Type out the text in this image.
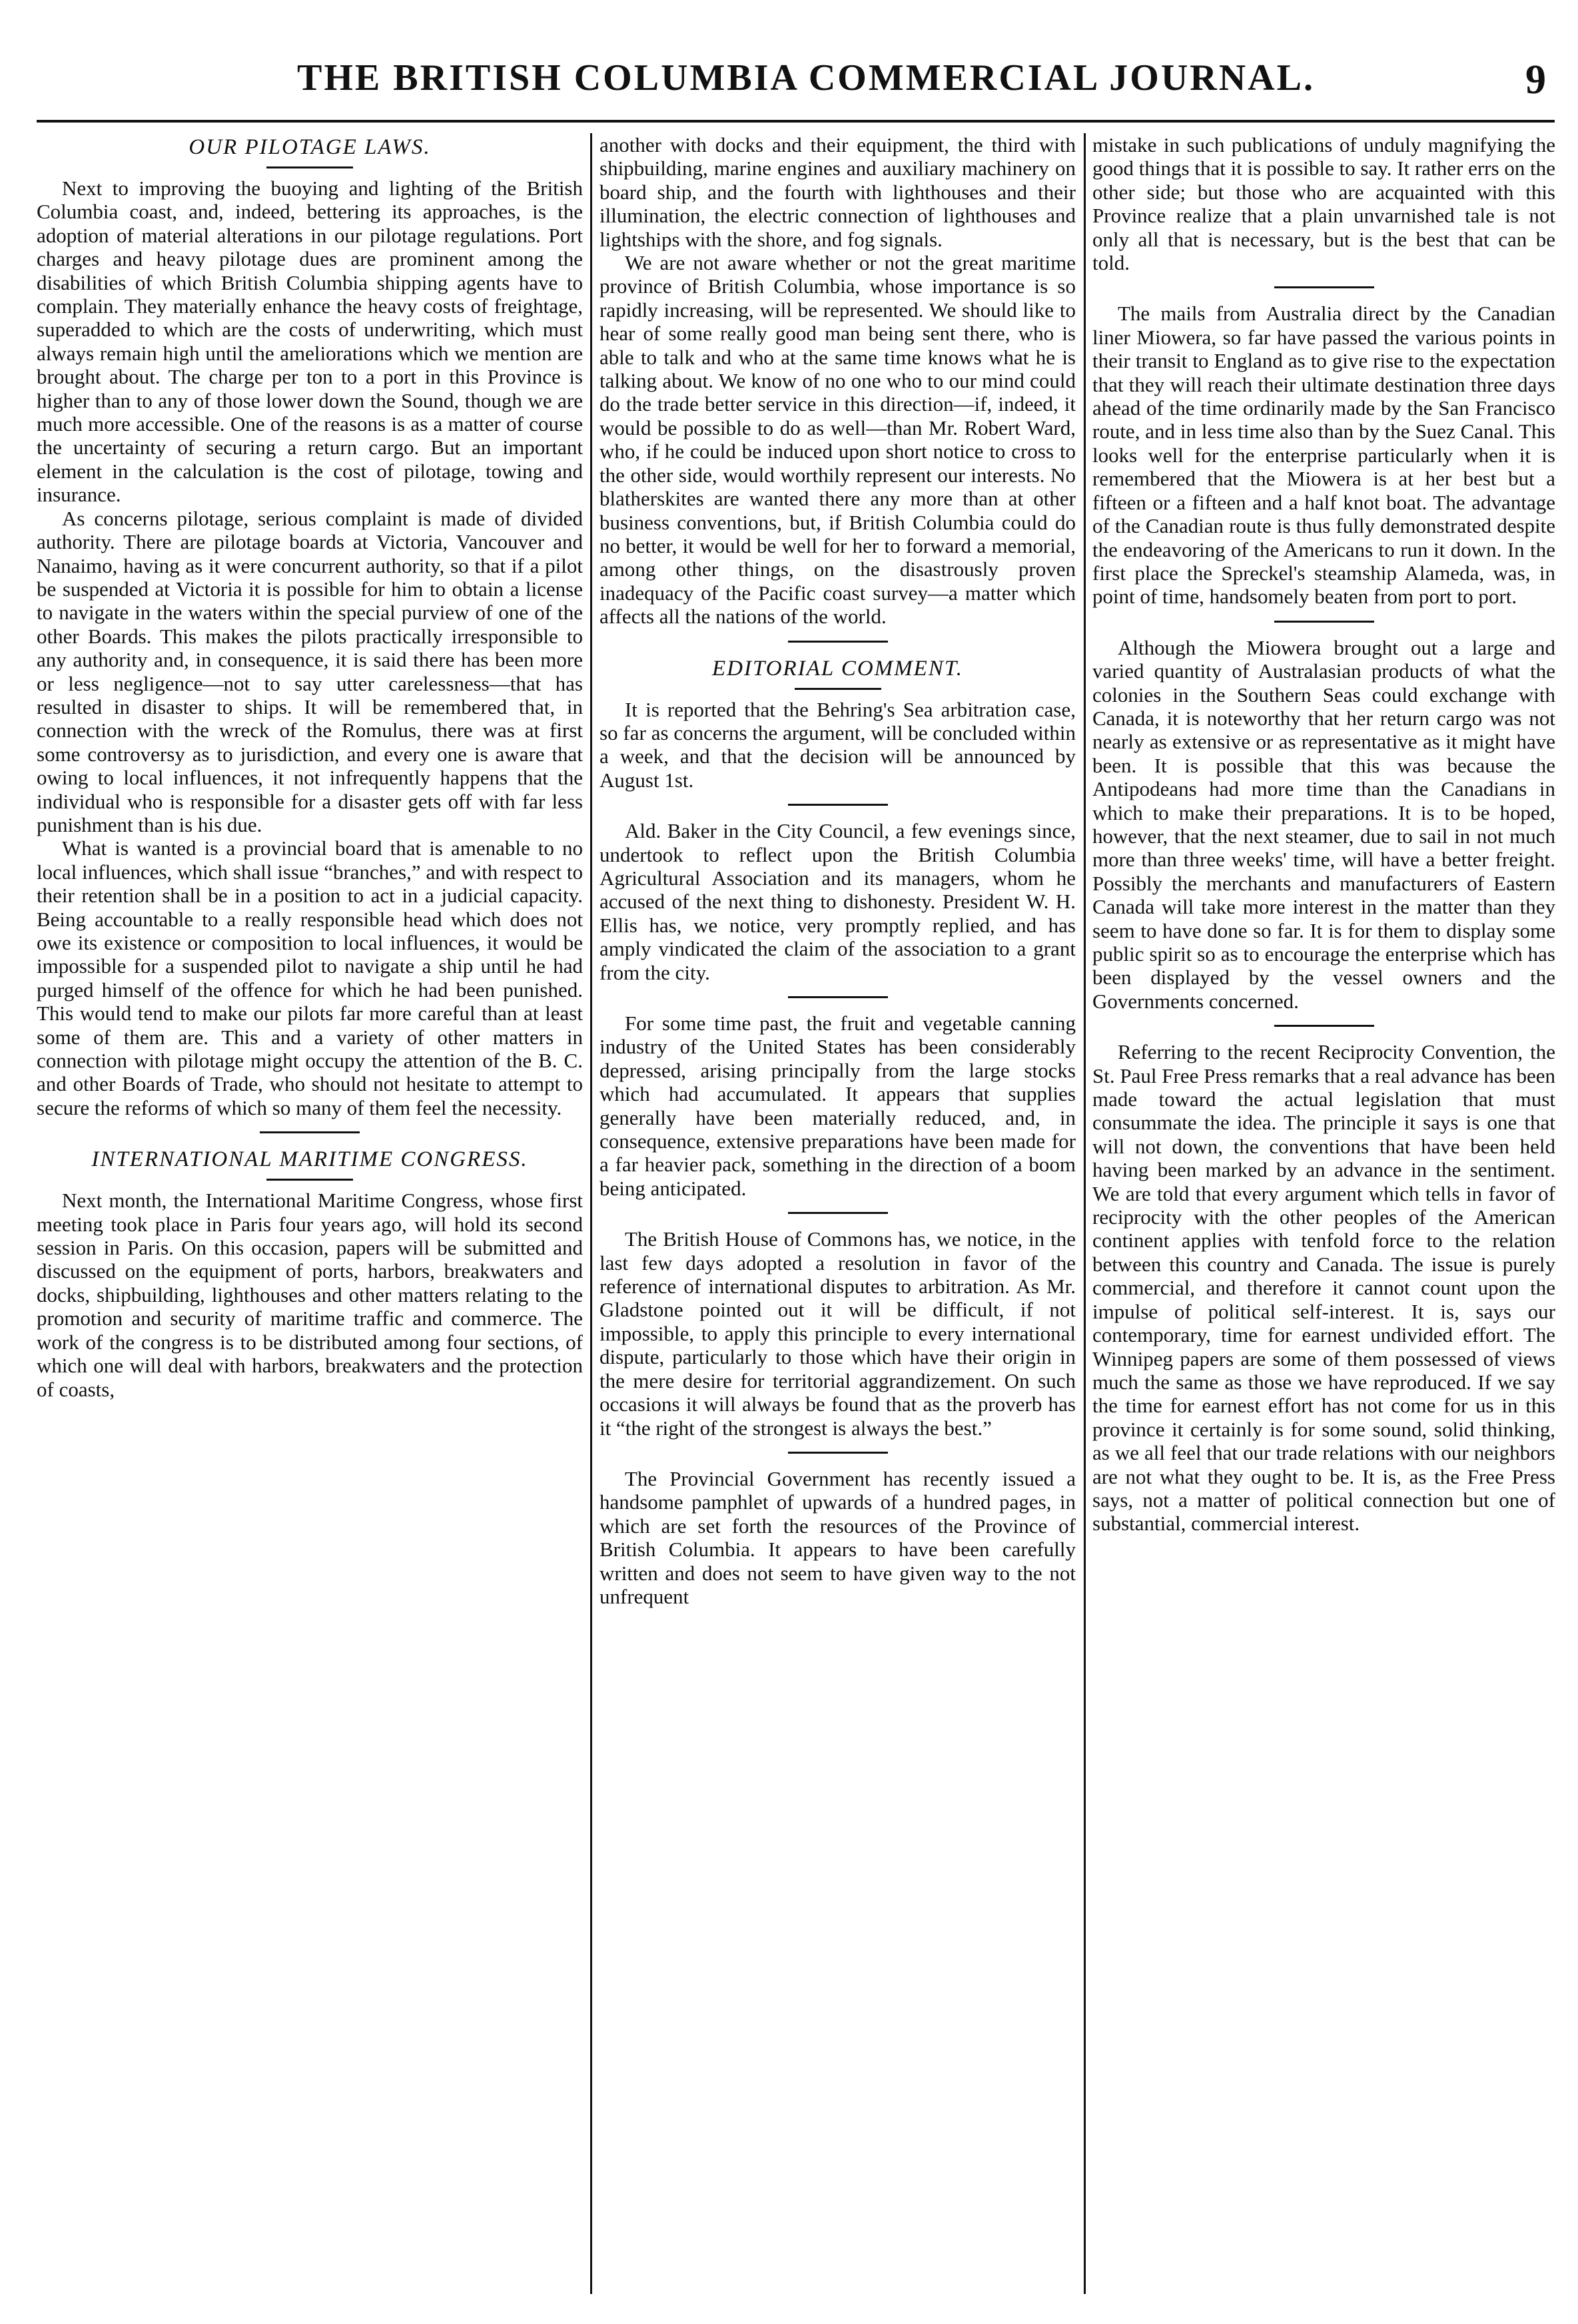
THE BRITISH COLUMBIA COMMERCIAL JOURNAL.	9
OUR PILOTAGE LAWS.

Next to improving the buoying and lighting of the British Columbia coast, and, indeed, bettering its approaches, is the adoption of material alterations in our pilotage regulations. Port charges and heavy pilotage dues are prominent among the disabilities of which British Columbia shipping agents have to complain. They materially enhance the heavy costs of freightage, superadded to which are the costs of underwriting, which must always remain high until the ameliorations which we mention are brought about. The charge per ton to a port in this Province is higher than to any of those lower down the Sound, though we are much more accessible. One of the reasons is as a matter of course the uncertainty of securing a return cargo. But an important element in the calculation is the cost of pilotage, towing and insurance.

As concerns pilotage, serious complaint is made of divided authority. There are pilotage boards at Victoria, Vancouver and Nanaimo, having as it were concurrent authority, so that if a pilot be suspended at Victoria it is possible for him to obtain a license to navigate in the waters within the special purview of one of the other Boards. This makes the pilots practically irresponsible to any authority and, in consequence, it is said there has been more or less negligence—not to say utter carelessness—that has resulted in disaster to ships. It will be remembered that, in connection with the wreck of the Romulus, there was at first some controversy as to jurisdiction, and every one is aware that owing to local influences, it not infrequently happens that the individual who is responsible for a disaster gets off with far less punishment than is his due.

What is wanted is a provincial board that is amenable to no local influences, which shall issue “branches,” and with respect to their retention shall be in a position to act in a judicial capacity. Being accountable to a really responsible head which does not owe its existence or composition to local influences, it would be impossible for a suspended pilot to navigate a ship until he had purged himself of the offence for which he had been punished. This would tend to make our pilots far more careful than at least some of them are. This and a variety of other matters in connection with pilotage might occupy the attention of the B. C. and other Boards of Trade, who should not hesitate to attempt to secure the reforms of which so many of them feel the necessity.

INTERNATIONAL MARITIME CONGRESS.

Next month, the International Maritime Congress, whose first meeting took place in Paris four years ago, will hold its second session in Paris. On this occasion, papers will be submitted and discussed on the equipment of ports, harbors, breakwaters and docks, shipbuilding, lighthouses and other matters relating to the promotion and security of maritime traffic and commerce. The work of the congress is to be distributed among four sections, of which one will deal with harbors, breakwaters and the protection of coasts,

another with docks and their equipment, the third with shipbuilding, marine engines and auxiliary machinery on board ship, and the fourth with lighthouses and their illumination, the electric connection of lighthouses and lightships with the shore, and fog signals.

We are not aware whether or not the great maritime province of British Columbia, whose importance is so rapidly increasing, will be represented. We should like to hear of some really good man being sent there, who is able to talk and who at the same time knows what he is talking about. We know of no one who to our mind could do the trade better service in this direction—if, indeed, it would be possible to do as well—than Mr. Robert Ward, who, if he could be induced upon short notice to cross to the other side, would worthily represent our interests. No blatherskites are wanted there any more than at other business conventions, but, if British Columbia could do no better, it would be well for her to forward a memorial, among other things, on the disastrously proven inadequacy of the Pacific coast survey—a matter which affects all the nations of the world.

EDITORIAL COMMENT.

It is reported that the Behring's Sea arbitration case, so far as concerns the argument, will be concluded within a week, and that the decision will be announced by August 1st.

Ald. Baker in the City Council, a few evenings since, undertook to reflect upon the British Columbia Agricultural Association and its managers, whom he accused of the next thing to dishonesty. President W. H. Ellis has, we notice, very promptly replied, and has amply vindicated the claim of the association to a grant from the city.

For some time past, the fruit and vegetable canning industry of the United States has been considerably depressed, arising principally from the large stocks which had accumulated. It appears that supplies generally have been materially reduced, and, in consequence, extensive preparations have been made for a far heavier pack, something in the direction of a boom being anticipated.

The British House of Commons has, we notice, in the last few days adopted a resolution in favor of the reference of international disputes to arbitration. As Mr. Gladstone pointed out it will be difficult, if not impossible, to apply this principle to every international dispute, particularly to those which have their origin in the mere desire for territorial aggrandizement. On such occasions it will always be found that as the proverb has it “the right of the strongest is always the best.”

The Provincial Government has recently issued a handsome pamphlet of upwards of a hundred pages, in which are set forth the resources of the Province of British Columbia. It appears to have been carefully written and does not seem to have given way to the not unfrequent

mistake in such publications of unduly magnifying the good things that it is possible to say. It rather errs on the other side; but those who are acquainted with this Province realize that a plain unvarnished tale is not only all that is necessary, but is the best that can be told.

The mails from Australia direct by the Canadian liner Miowera, so far have passed the various points in their transit to England as to give rise to the expectation that they will reach their ultimate destination three days ahead of the time ordinarily made by the San Francisco route, and in less time also than by the Suez Canal. This looks well for the enterprise particularly when it is remembered that the Miowera is at her best but a fifteen or a fifteen and a half knot boat. The advantage of the Canadian route is thus fully demonstrated despite the endeavoring of the Americans to run it down. In the first place the Spreckel's steamship Alameda, was, in point of time, handsomely beaten from port to port.

Although the Miowera brought out a large and varied quantity of Australasian products of what the colonies in the Southern Seas could exchange with Canada, it is noteworthy that her return cargo was not nearly as extensive or as representative as it might have been. It is possible that this was because the Antipodeans had more time than the Canadians in which to make their preparations. It is to be hoped, however, that the next steamer, due to sail in not much more than three weeks' time, will have a better freight. Possibly the merchants and manufacturers of Eastern Canada will take more interest in the matter than they seem to have done so far. It is for them to display some public spirit so as to encourage the enterprise which has been displayed by the vessel owners and the Governments concerned.

Referring to the recent Reciprocity Convention, the St. Paul Free Press remarks that a real advance has been made toward the actual legislation that must consummate the idea. The principle it says is one that will not down, the conventions that have been held having been marked by an advance in the sentiment. We are told that every argument which tells in favor of reciprocity with the other peoples of the American continent applies with tenfold force to the relation between this country and Canada. The issue is purely commercial, and therefore it cannot count upon the impulse of political self-interest. It is, says our contemporary, time for earnest undivided effort. The Winnipeg papers are some of them possessed of views much the same as those we have reproduced. If we say the time for earnest effort has not come for us in this province it certainly is for some sound, solid thinking, as we all feel that our trade relations with our neighbors are not what they ought to be. It is, as the Free Press says, not a matter of political connection but one of substantial, commercial interest.
